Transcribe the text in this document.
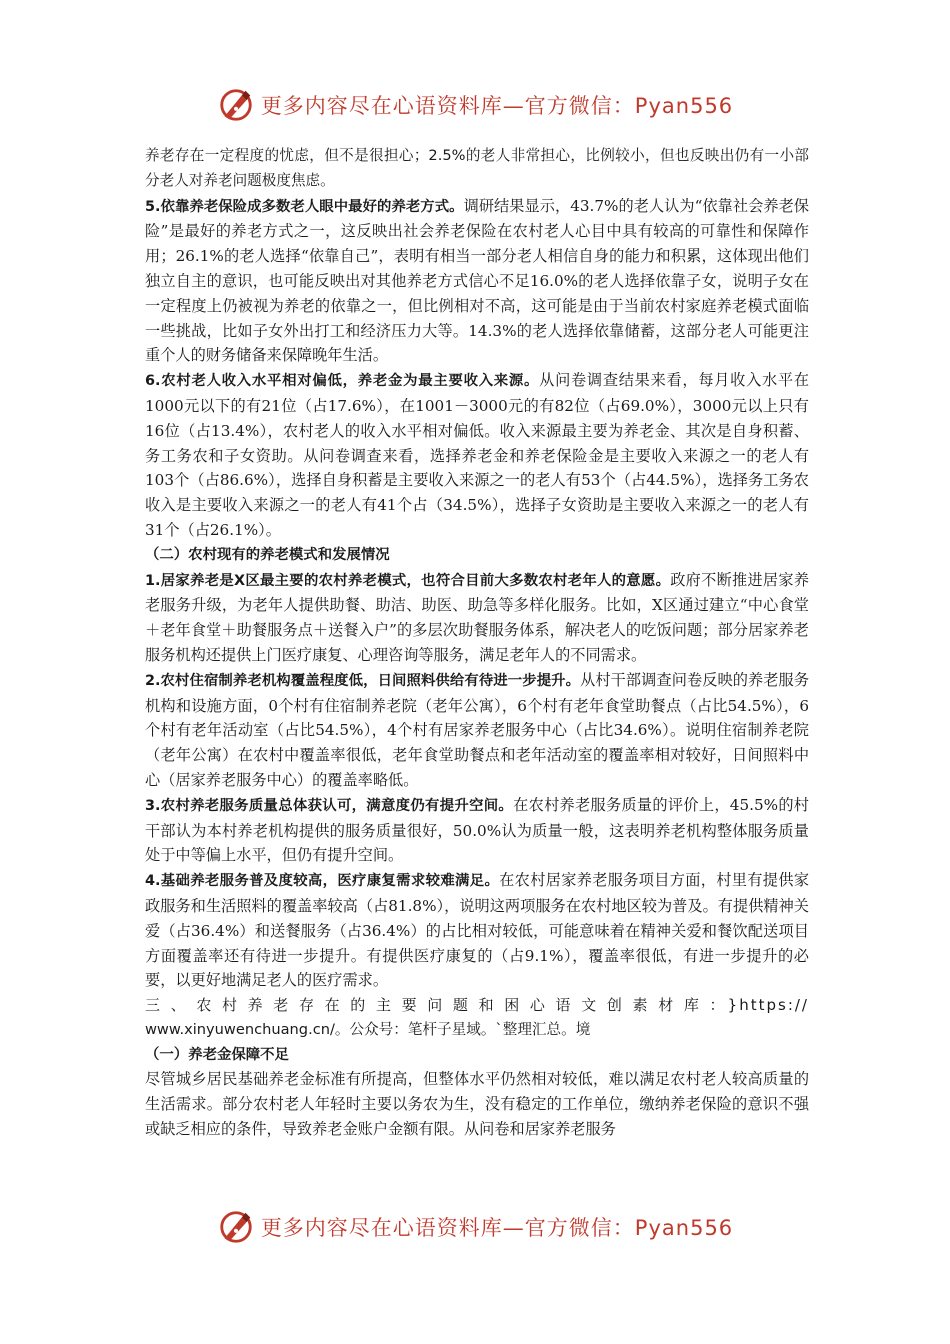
更多内容尽在心语资料库—官方微信：Pyan556

养老存在一定程度的忧虑，但不是很担心；2.5%的老人非常担心，比例较小，但也反映出仍有一小部分老人对养老问题极度焦虑。

5.依靠养老保险成多数老人眼中最好的养老方式。调研结果显示，43.7%的老人认为“依靠社会养老保险”是最好的养老方式之一，这反映出社会养老保险在农村老人心目中具有较高的可靠性和保障作用；26.1%的老人选择“依靠自己”，表明有相当一部分老人相信自身的能力和积累，这体现出他们独立自主的意识，也可能反映出对其他养老方式信心不足16.0%的老人选择依靠子女，说明子女在一定程度上仍被视为养老的依靠之一，但比例相对不高，这可能是由于当前农村家庭养老模式面临一些挑战，比如子女外出打工和经济压力大等。14.3%的老人选择依靠储蓄，这部分老人可能更注重个人的财务储备来保障晚年生活。

6.农村老人收入水平相对偏低，养老金为最主要收入来源。从问卷调查结果来看，每月收入水平在1000元以下的有21位（占17.6%），在1001－3000元的有82位（占69.0%），3000元以上只有16位（占13.4%），农村老人的收入水平相对偏低。收入来源最主要为养老金、其次是自身积蓄、务工务农和子女资助。从问卷调查来看，选择养老金和养老保险金是主要收入来源之一的老人有103个（占86.6%），选择自身积蓄是主要收入来源之一的老人有53个（占44.5%），选择务工务农收入是主要收入来源之一的老人有41个占（34.5%），选择子女资助是主要收入来源之一的老人有31个（占26.1%）。

（二）农村现有的养老模式和发展情况

1.居家养老是X区最主要的农村养老模式，也符合目前大多数农村老年人的意愿。政府不断推进居家养老服务升级，为老年人提供助餐、助洁、助医、助急等多样化服务。比如，X区通过建立“中心食堂＋老年食堂＋助餐服务点＋送餐入户”的多层次助餐服务体系，解决老人的吃饭问题；部分居家养老服务机构还提供上门医疗康复、心理咨询等服务，满足老年人的不同需求。

2.农村住宿制养老机构覆盖程度低，日间照料供给有待进一步提升。从村干部调查问卷反映的养老服务机构和设施方面，0个村有住宿制养老院（老年公寓），6个村有老年食堂助餐点（占比54.5%），6个村有老年活动室（占比54.5%），4个村有居家养老服务中心（占比34.6%）。说明住宿制养老院（老年公寓）在农村中覆盖率很低，老年食堂助餐点和老年活动室的覆盖率相对较好，日间照料中心（居家养老服务中心）的覆盖率略低。

3.农村养老服务质量总体获认可，满意度仍有提升空间。在农村养老服务质量的评价上，45.5%的村干部认为本村养老机构提供的服务质量很好，50.0%认为质量一般，这表明养老机构整体服务质量处于中等偏上水平，但仍有提升空间。

4.基础养老服务普及度较高，医疗康复需求较难满足。在农村居家养老服务项目方面，村里有提供家政服务和生活照料的覆盖率较高（占81.8%），说明这两项服务在农村地区较为普及。有提供精神关爱（占36.4%）和送餐服务（占36.4%）的占比相对较低，可能意味着在精神关爱和餐饮配送项目方面覆盖率还有待进一步提升。有提供医疗康复的（占9.1%），覆盖率很低，有进一步提升的必要，以更好地满足老人的医疗需求。

三、农村养老存在的主要问题和困心语文创素材库：}https://

www.xinyuwenchuang.cn/。公众号：笔杆子星域。`整理汇总。境

（一）养老金保障不足

尽管城乡居民基础养老金标准有所提高，但整体水平仍然相对较低，难以满足农村老人较高质量的生活需求。部分农村老人年轻时主要以务农为生，没有稳定的工作单位，缴纳养老保险的意识不强或缺乏相应的条件，导致养老金账户金额有限。从问卷和居家养老服务

更多内容尽在心语资料库—官方微信：Pyan556
